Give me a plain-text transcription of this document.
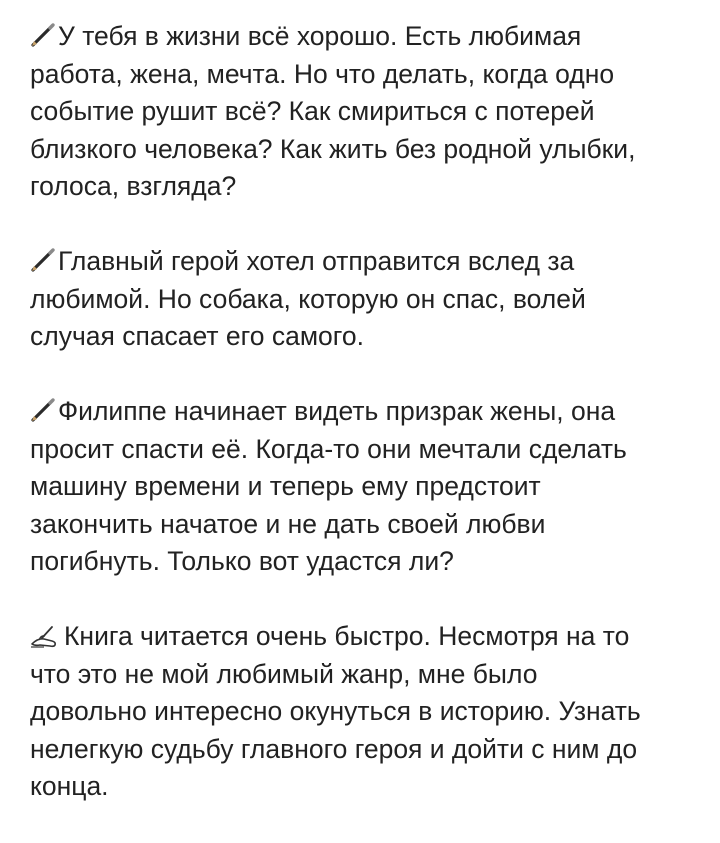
У тебя в жизни всё хорошо. Есть любимая
работа, жена, мечта. Но что делать, когда одно
событие рушит всё? Как смириться с потерей
близкого человека? Как жить без родной улыбки,
голоса, взгляда?
Главный герой хотел отправится вслед за
любимой. Но собака, которую он спас, волей
случая спасает его самого.
Филиппе начинает видеть призрак жены, она
просит спасти её. Когда-то они мечтали сделать
машину времени и теперь ему предстоит
закончить начатое и не дать своей любви
погибнуть. Только вот удастся ли?
Книга читается очень быстро. Несмотря на то
что это не мой любимый жанр, мне было
довольно интересно окунуться в историю. Узнать
нелегкую судьбу главного героя и дойти с ним до
конца.
